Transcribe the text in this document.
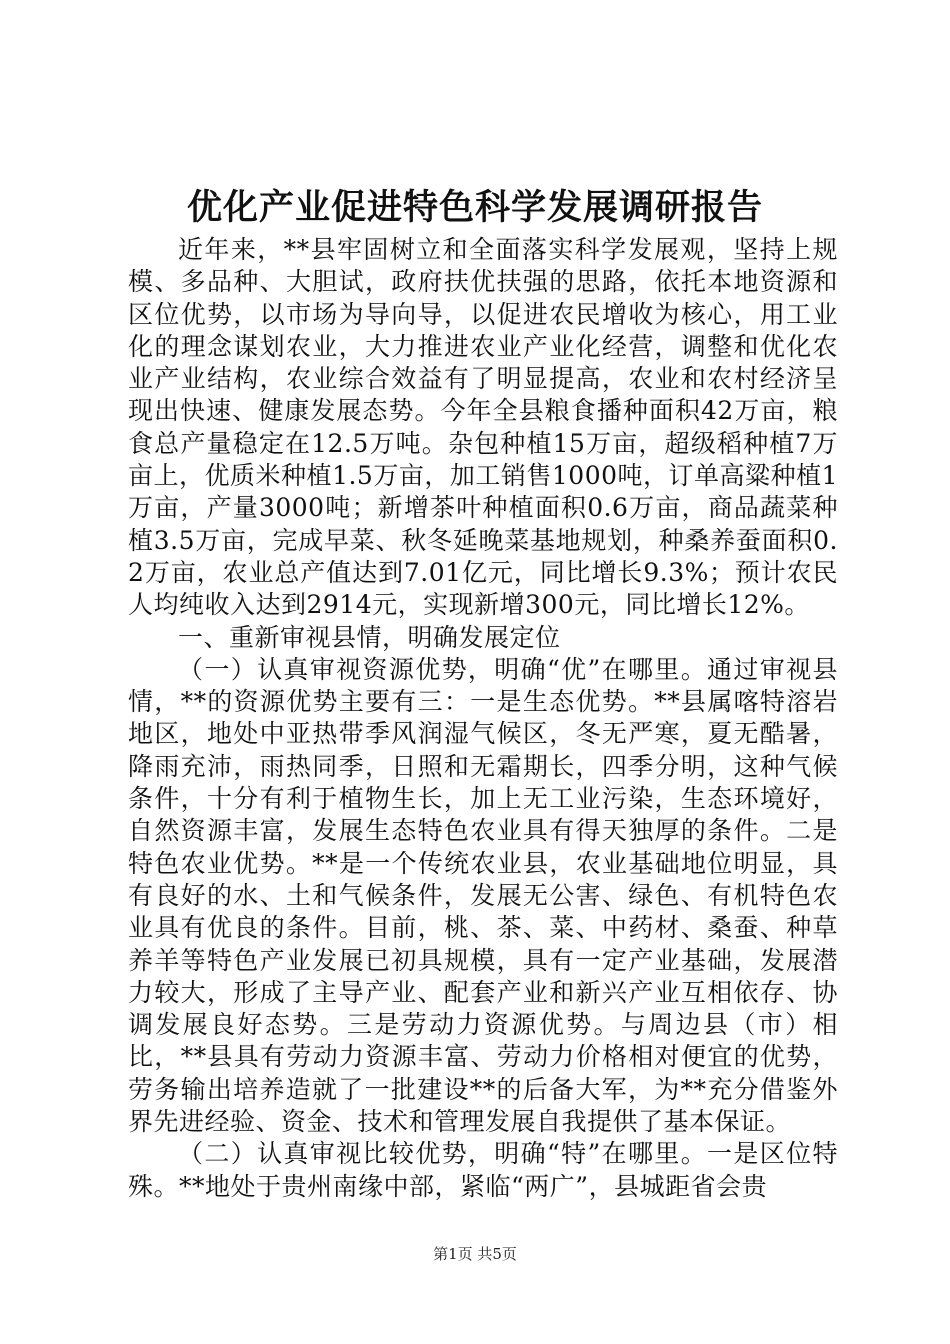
优化产业促进特色科学发展调研报告

近年来，**县牢固树立和全面落实科学发展观，坚持上规模、多品种、大胆试，政府扶优扶强的思路，依托本地资源和区位优势，以市场为导向导，以促进农民增收为核心，用工业化的理念谋划农业，大力推进农业产业化经营，调整和优化农业产业结构，农业综合效益有了明显提高，农业和农村经济呈现出快速、健康发展态势。今年全县粮食播种面积42万亩，粮食总产量稳定在12.5万吨。杂包种植15万亩，超级稻种植7万亩上，优质米种植1.5万亩，加工销售1000吨，订单高粱种植1万亩，产量3000吨；新增茶叶种植面积0.6万亩，商品蔬菜种植3.5万亩，完成早菜、秋冬延晚菜基地规划，种桑养蚕面积0.2万亩，农业总产值达到7.01亿元，同比增长9.3%；预计农民人均纯收入达到2914元，实现新增300元，同比增长12%。

一、重新审视县情，明确发展定位

（一）认真审视资源优势，明确“优”在哪里。通过审视县情，**的资源优势主要有三：一是生态优势。**县属喀特溶岩地区，地处中亚热带季风润湿气候区，冬无严寒，夏无酷暑，降雨充沛，雨热同季，日照和无霜期长，四季分明，这种气候条件，十分有利于植物生长，加上无工业污染，生态环境好，自然资源丰富，发展生态特色农业具有得天独厚的条件。二是特色农业优势。**是一个传统农业县，农业基础地位明显，具有良好的水、土和气候条件，发展无公害、绿色、有机特色农业具有优良的条件。目前，桃、茶、菜、中药材、桑蚕、种草养羊等特色产业发展已初具规模，具有一定产业基础，发展潜力较大，形成了主导产业、配套产业和新兴产业互相依存、协调发展良好态势。三是劳动力资源优势。与周边县（市）相比，**县具有劳动力资源丰富、劳动力价格相对便宜的优势，劳务输出培养造就了一批建设**的后备大军，为**充分借鉴外界先进经验、资金、技术和管理发展自我提供了基本保证。

（二）认真审视比较优势，明确“特”在哪里。一是区位特殊。**地处于贵州南缘中部，紧临“两广”，县城距省会贵

第1页 共5页
